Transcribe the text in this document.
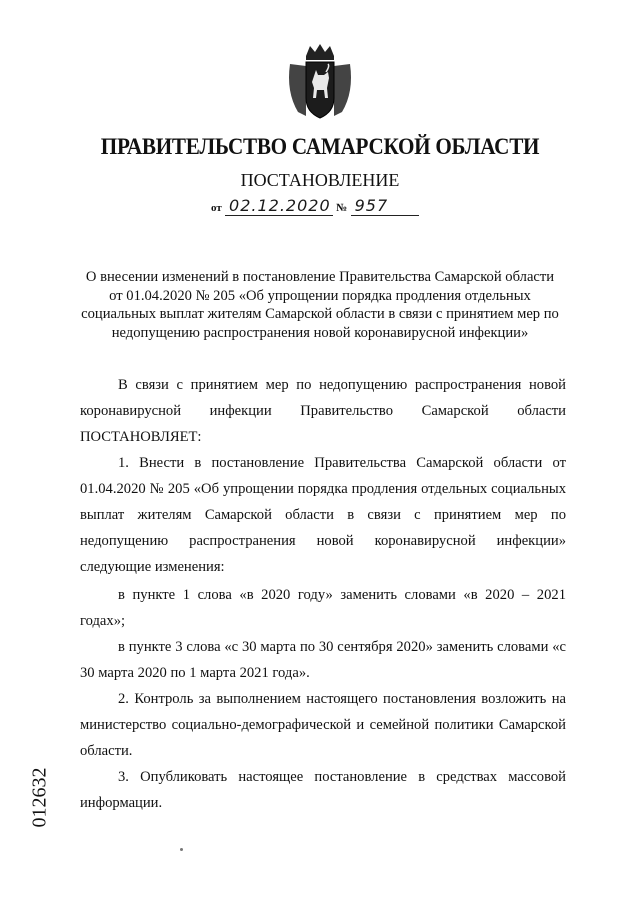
ПРАВИТЕЛЬСТВО САМАРСКОЙ ОБЛАСТИ
ПОСТАНОВЛЕНИЕ
от 02.12.2020 № 957
О внесении изменений в постановление Правительства Самарской области от 01.04.2020 № 205 «Об упрощении порядка продления отдельных социальных выплат жителям Самарской области в связи с принятием мер по недопущению распространения новой коронавирусной инфекции»
В связи с принятием мер по недопущению распространения новой коронавирусной инфекции Правительство Самарской области ПОСТАНОВЛЯЕТ:
1. Внести в постановление Правительства Самарской области от 01.04.2020 № 205 «Об упрощении порядка продления отдельных социальных выплат жителям Самарской области в связи с принятием мер по недопущению распространения новой коронавирусной инфекции» следующие изменения:
в пункте 1 слова «в 2020 году» заменить словами «в 2020 – 2021 годах»;
в пункте 3 слова «с 30 марта по 30 сентября 2020» заменить словами «с 30 марта 2020 по 1 марта 2021 года».
2. Контроль за выполнением настоящего постановления возложить на министерство социально-демографической и семейной политики Самарской области.
3. Опубликовать настоящее постановление в средствах массовой информации.
012632
